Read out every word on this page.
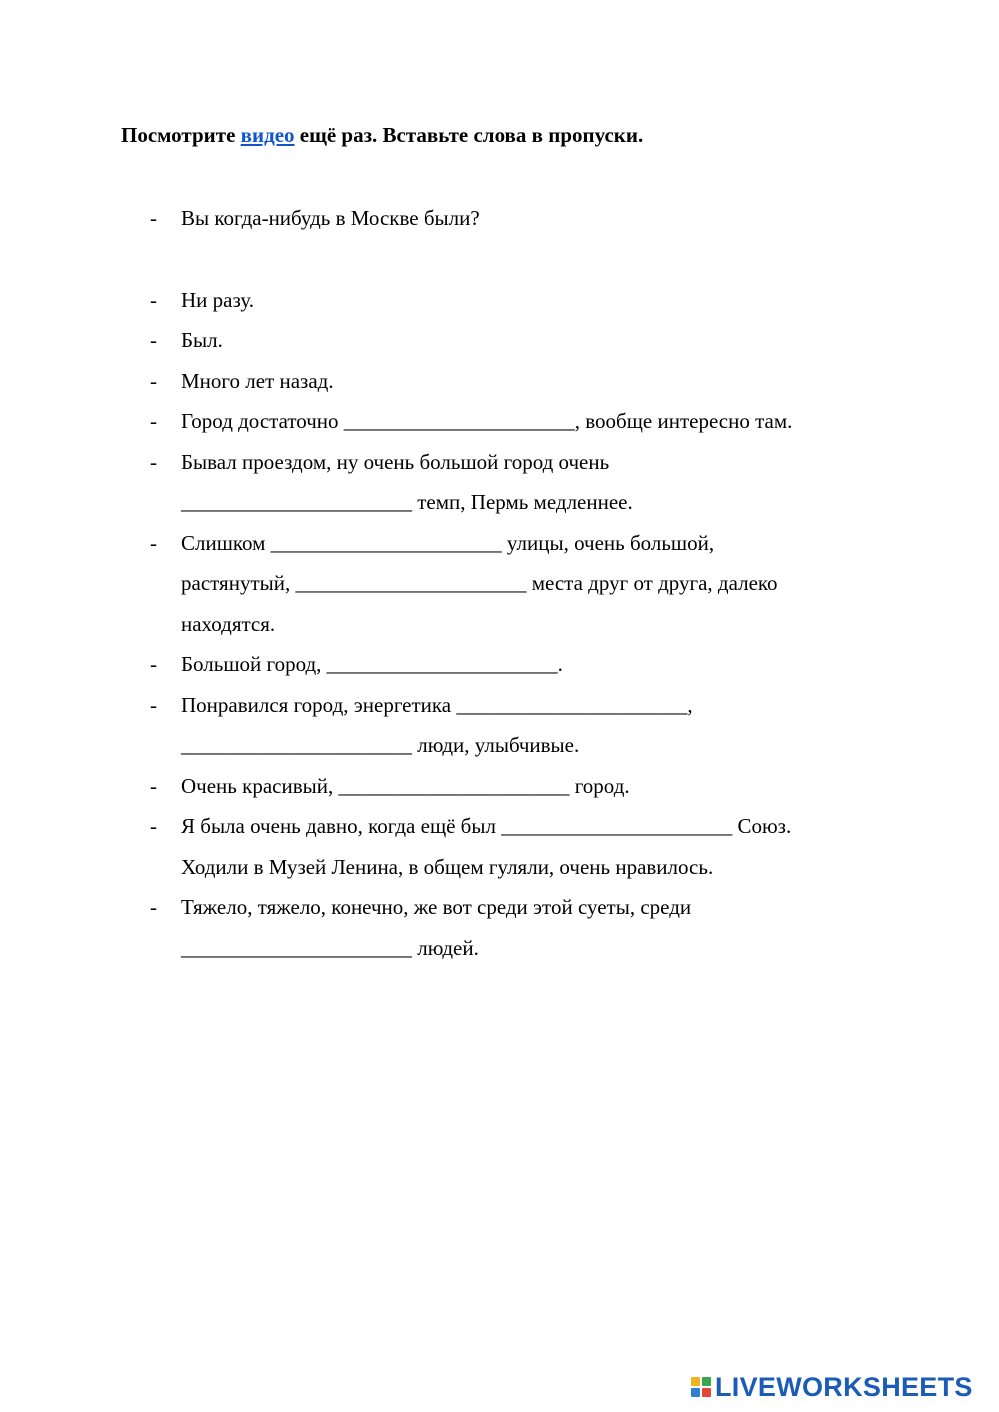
Посмотрите видео ещё раз. Вставьте слова в пропуски.
- Вы когда-нибудь в Москве были?
- Ни разу.
- Был.
- Много лет назад.
- Город достаточно ______________________, вообще интересно там.
- Бывал проездом, ну очень большой город очень
______________________ темп, Пермь медленнее.
- Слишком ______________________ улицы, очень большой,
растянутый, ______________________ места друг от друга, далеко
находятся.
- Большой город, ______________________.
- Понравился город, энергетика ______________________,
______________________ люди, улыбчивые.
- Очень красивый, ______________________ город.
- Я была очень давно, когда ещё был ______________________ Союз.
Ходили в Музей Ленина, в общем гуляли, очень нравилось.
- Тяжело, тяжело, конечно, же вот среди этой суеты, среди
______________________ людей.
LIVEWORKSHEETS
